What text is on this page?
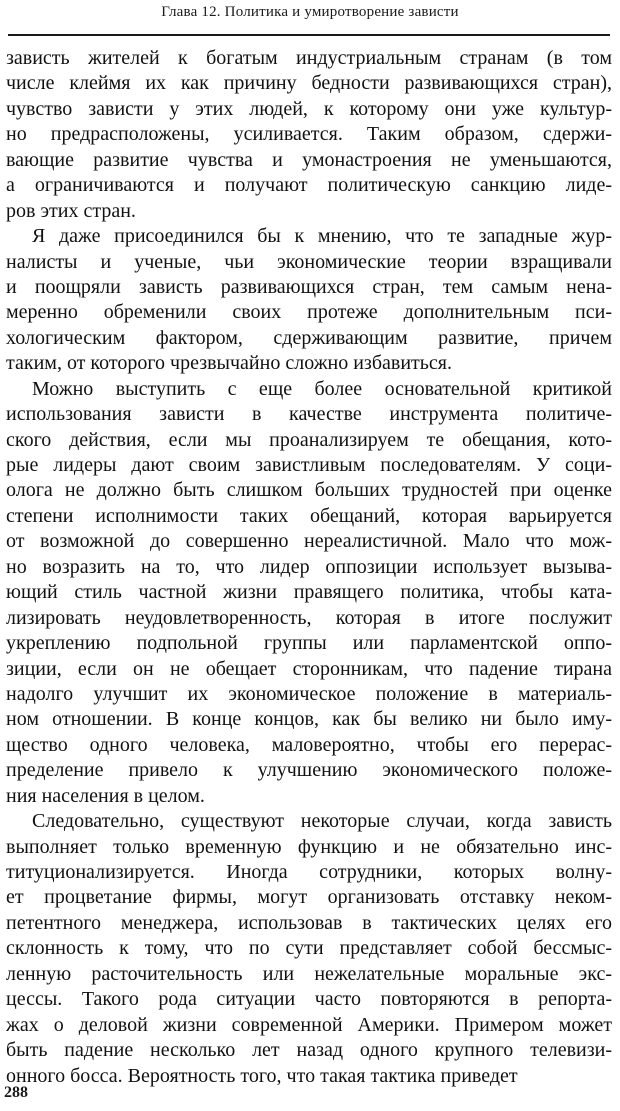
Глава 12. Политика и умиротворение зависти
зависть жителей к богатым индустриальным странам (в том
числе клеймя их как причину бедности развивающихся стран),
чувство зависти у этих людей, к которому они уже культур-
но предрасположены, усиливается. Таким образом, сдержи-
вающие развитие чувства и умонастроения не уменьшаются,
а ограничиваются и получают политическую санкцию лиде-
ров этих стран.
Я даже присоединился бы к мнению, что те западные жур-
налисты и ученые, чьи экономические теории взращивали
и поощряли зависть развивающихся стран, тем самым нена-
меренно обременили своих протеже дополнительным пси-
хологическим фактором, сдерживающим развитие, причем
таким, от которого чрезвычайно сложно избавиться.
Можно выступить с еще более основательной критикой
использования зависти в качестве инструмента политиче-
ского действия, если мы проанализируем те обещания, кото-
рые лидеры дают своим завистливым последователям. У соци-
олога не должно быть слишком больших трудностей при оценке
степени исполнимости таких обещаний, которая варьируется
от возможной до совершенно нереалистичной. Мало что мож-
но возразить на то, что лидер оппозиции использует вызыва-
ющий стиль частной жизни правящего политика, чтобы ката-
лизировать неудовлетворенность, которая в итоге послужит
укреплению подпольной группы или парламентской оппо-
зиции, если он не обещает сторонникам, что падение тирана
надолго улучшит их экономическое положение в материаль-
ном отношении. В конце концов, как бы велико ни было иму-
щество одного человека, маловероятно, чтобы его перерас-
пределение привело к улучшению экономического положе-
ния населения в целом.
Следовательно, существуют некоторые случаи, когда зависть
выполняет только временную функцию и не обязательно инс-
титуционализируется. Иногда сотрудники, которых волну-
ет процветание фирмы, могут организовать отставку неком-
петентного менеджера, использовав в тактических целях его
склонность к тому, что по сути представляет собой бессмыс-
ленную расточительность или нежелательные моральные экс-
цессы. Такого рода ситуации часто повторяются в репорта-
жах о деловой жизни современной Америки. Примером может
быть падение несколько лет назад одного крупного телевизи-
онного босса. Вероятность того, что такая тактика приведет
288
